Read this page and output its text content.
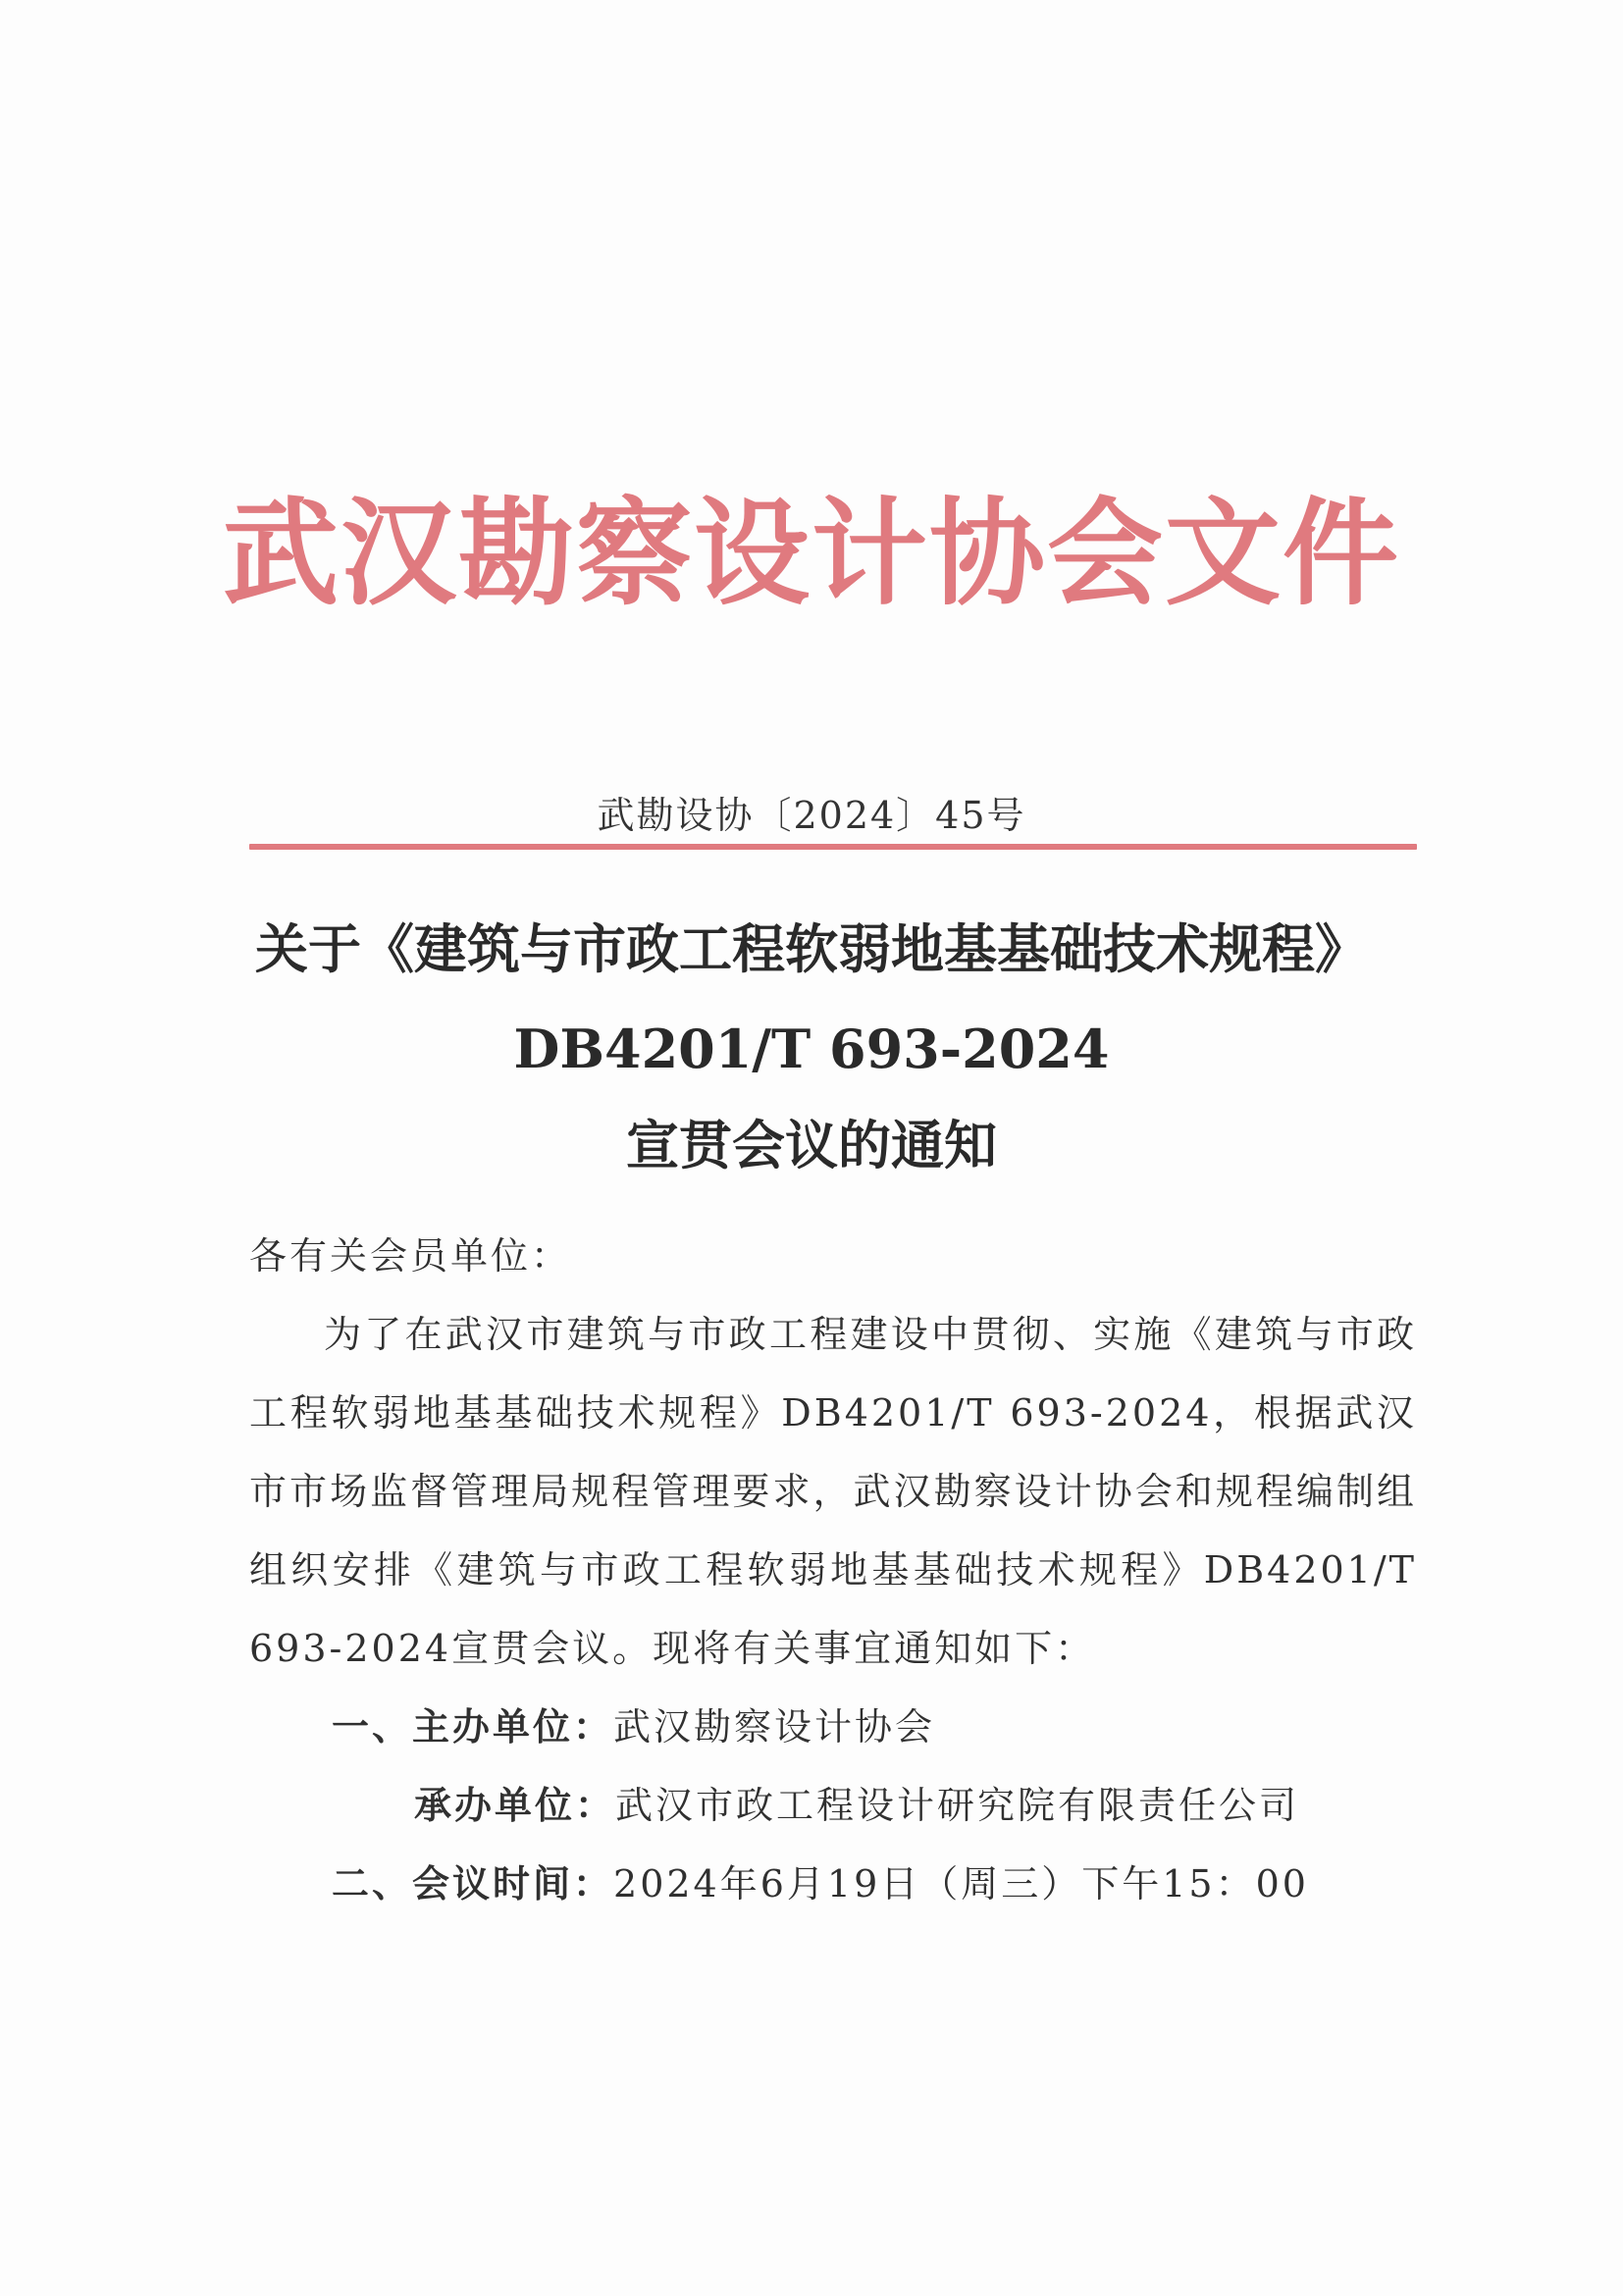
武汉勘察设计协会文件
武勘设协〔2024〕45号
关于《建筑与市政工程软弱地基基础技术规程》
DB4201/T 693-2024
宣贯会议的通知
各有关会员单位：
为了在武汉市建筑与市政工程建设中贯彻、实施《建筑与市政工程软弱地基基础技术规程》DB4201/T 693-2024，根据武汉市市场监督管理局规程管理要求，武汉勘察设计协会和规程编制组组织安排《建筑与市政工程软弱地基基础技术规程》DB4201/T 693-2024宣贯会议。现将有关事宜通知如下：
一、主办单位：武汉勘察设计协会
承办单位：武汉市政工程设计研究院有限责任公司
二、会议时间：2024年6月19日（周三）下午15：00
